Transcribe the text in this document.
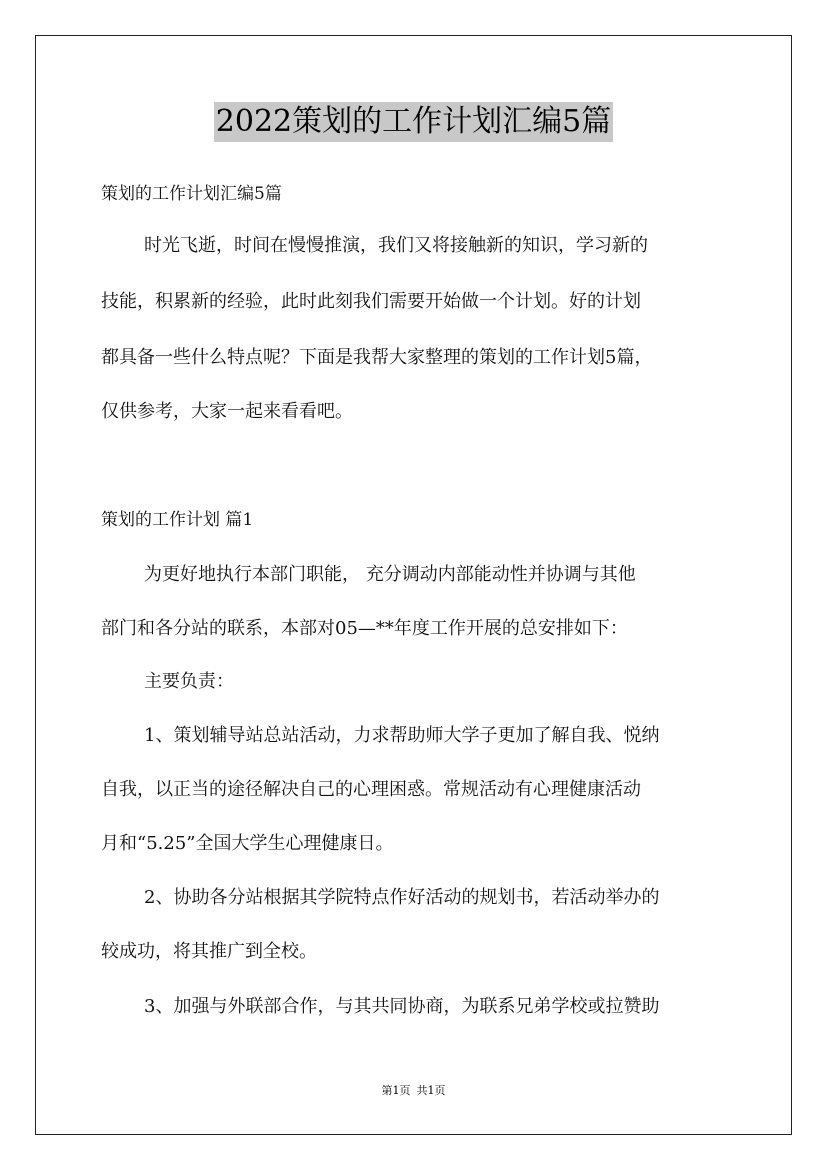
2022策划的工作计划汇编5篇
策划的工作计划汇编5篇
时光飞逝，时间在慢慢推演，我们又将接触新的知识，学习新的
技能，积累新的经验，此时此刻我们需要开始做一个计划。好的计划
都具备一些什么特点呢？下面是我帮大家整理的策划的工作计划5篇，
仅供参考，大家一起来看看吧。
策划的工作计划 篇1
为更好地执行本部门职能， 充分调动内部能动性并协调与其他
部门和各分站的联系，本部对05—**年度工作开展的总安排如下：
主要负责：
1、策划辅导站总站活动，力求帮助师大学子更加了解自我、悦纳
自我，以正当的途径解决自己的心理困惑。常规活动有心理健康活动
月和“5.25”全国大学生心理健康日。
2、协助各分站根据其学院特点作好活动的规划书，若活动举办的
较成功，将其推广到全校。
3、加强与外联部合作，与其共同协商，为联系兄弟学校或拉赞助
第1页 共1页
